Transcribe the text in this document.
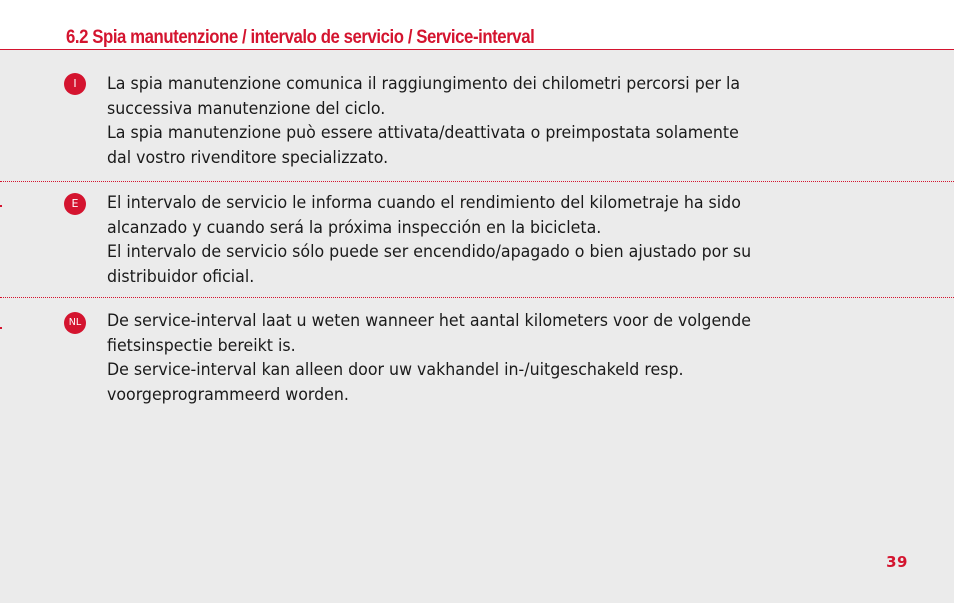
6.2 Spia manutenzione / intervalo de servicio / Service-interval
I	La spia manutenzione comunica il raggiungimento dei chilometri percorsi per la
successiva manutenzione del ciclo.
La spia manutenzione può essere attivata/deattivata o preimpostata solamente
dal vostro rivenditore specializzato.
E	El intervalo de servicio le informa cuando el rendimiento del kilometraje ha sido
alcanzado y cuando será la próxima inspección en la bicicleta.
El intervalo de servicio sólo puede ser encendido/apagado o bien ajustado por su
distribuidor oficial.
NL De service-interval laat u weten wanneer het aantal kilometers voor de volgende
fietsinspectie bereikt is.
De service-interval kan alleen door uw vakhandel in-/uitgeschakeld resp.
voorgeprogrammeerd worden.
39
